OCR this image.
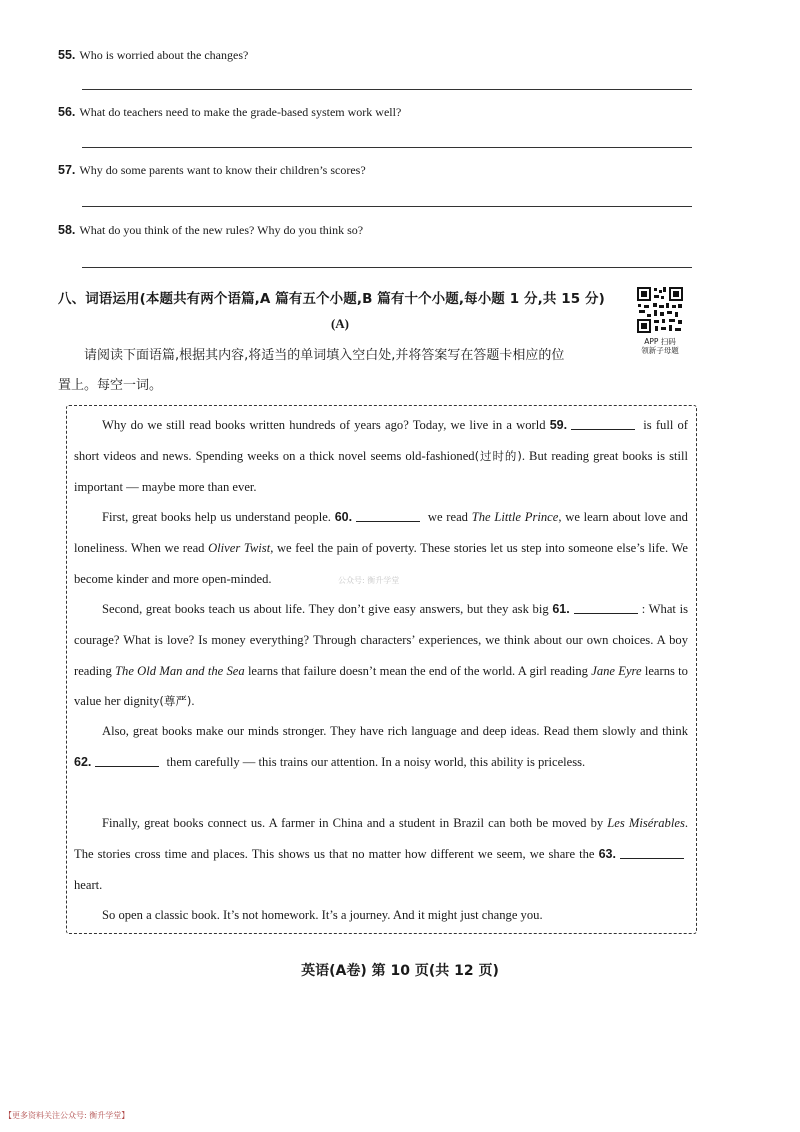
55. Who is worried about the changes?
56. What do teachers need to make the grade-based system work well?
57. Why do some parents want to know their children’s scores?
58. What do you think of the new rules? Why do you think so?
八、词语运用(本题共有两个语篇,A 篇有五个小题,B 篇有十个小题,每小题 1 分,共 15 分)
(A)
请阅读下面语篇,根据其内容,将适当的单词填入空白处,并将答案写在答题卡相应的位
置上。每空一词。
APP 扫码
领新子母题
Why do we still read books written hundreds of years ago? Today, we live in a world 59.	is full of short videos and news. Spending weeks on a thick novel seems old-fashioned(过时的). But reading great books is still important — maybe more than ever.
First, great books help us understand people. 60.	we read The Little Prince, we learn about love and loneliness. When we read Oliver Twist, we feel the pain of poverty. These stories let us step into someone else’s life. We become kinder and more open-minded.
Second, great books teach us about life. They don’t give easy answers, but they ask big 61.	: What is courage? What is love? Is money everything? Through characters’ experiences, we think about our own choices. A boy reading The Old Man and the Sea learns that failure doesn’t mean the end of the world. A girl reading Jane Eyre learns to value her dignity(尊严).
Also, great books make our minds stronger. They have rich language and deep ideas. Read them slowly and think 62.	them carefully — this trains our attention. In a noisy world, this ability is priceless.
Finally, great books connect us. A farmer in China and a student in Brazil can both be moved by Les Misérables. The stories cross time and places. This shows us that no matter how different we seem, we share the 63. heart.
So open a classic book. It’s not homework. It’s a journey. And it might just change you.
公众号: 衡升学堂
英语(A卷) 第 10 页(共 12 页)
【更多资料关注公众号: 衡升学堂】
